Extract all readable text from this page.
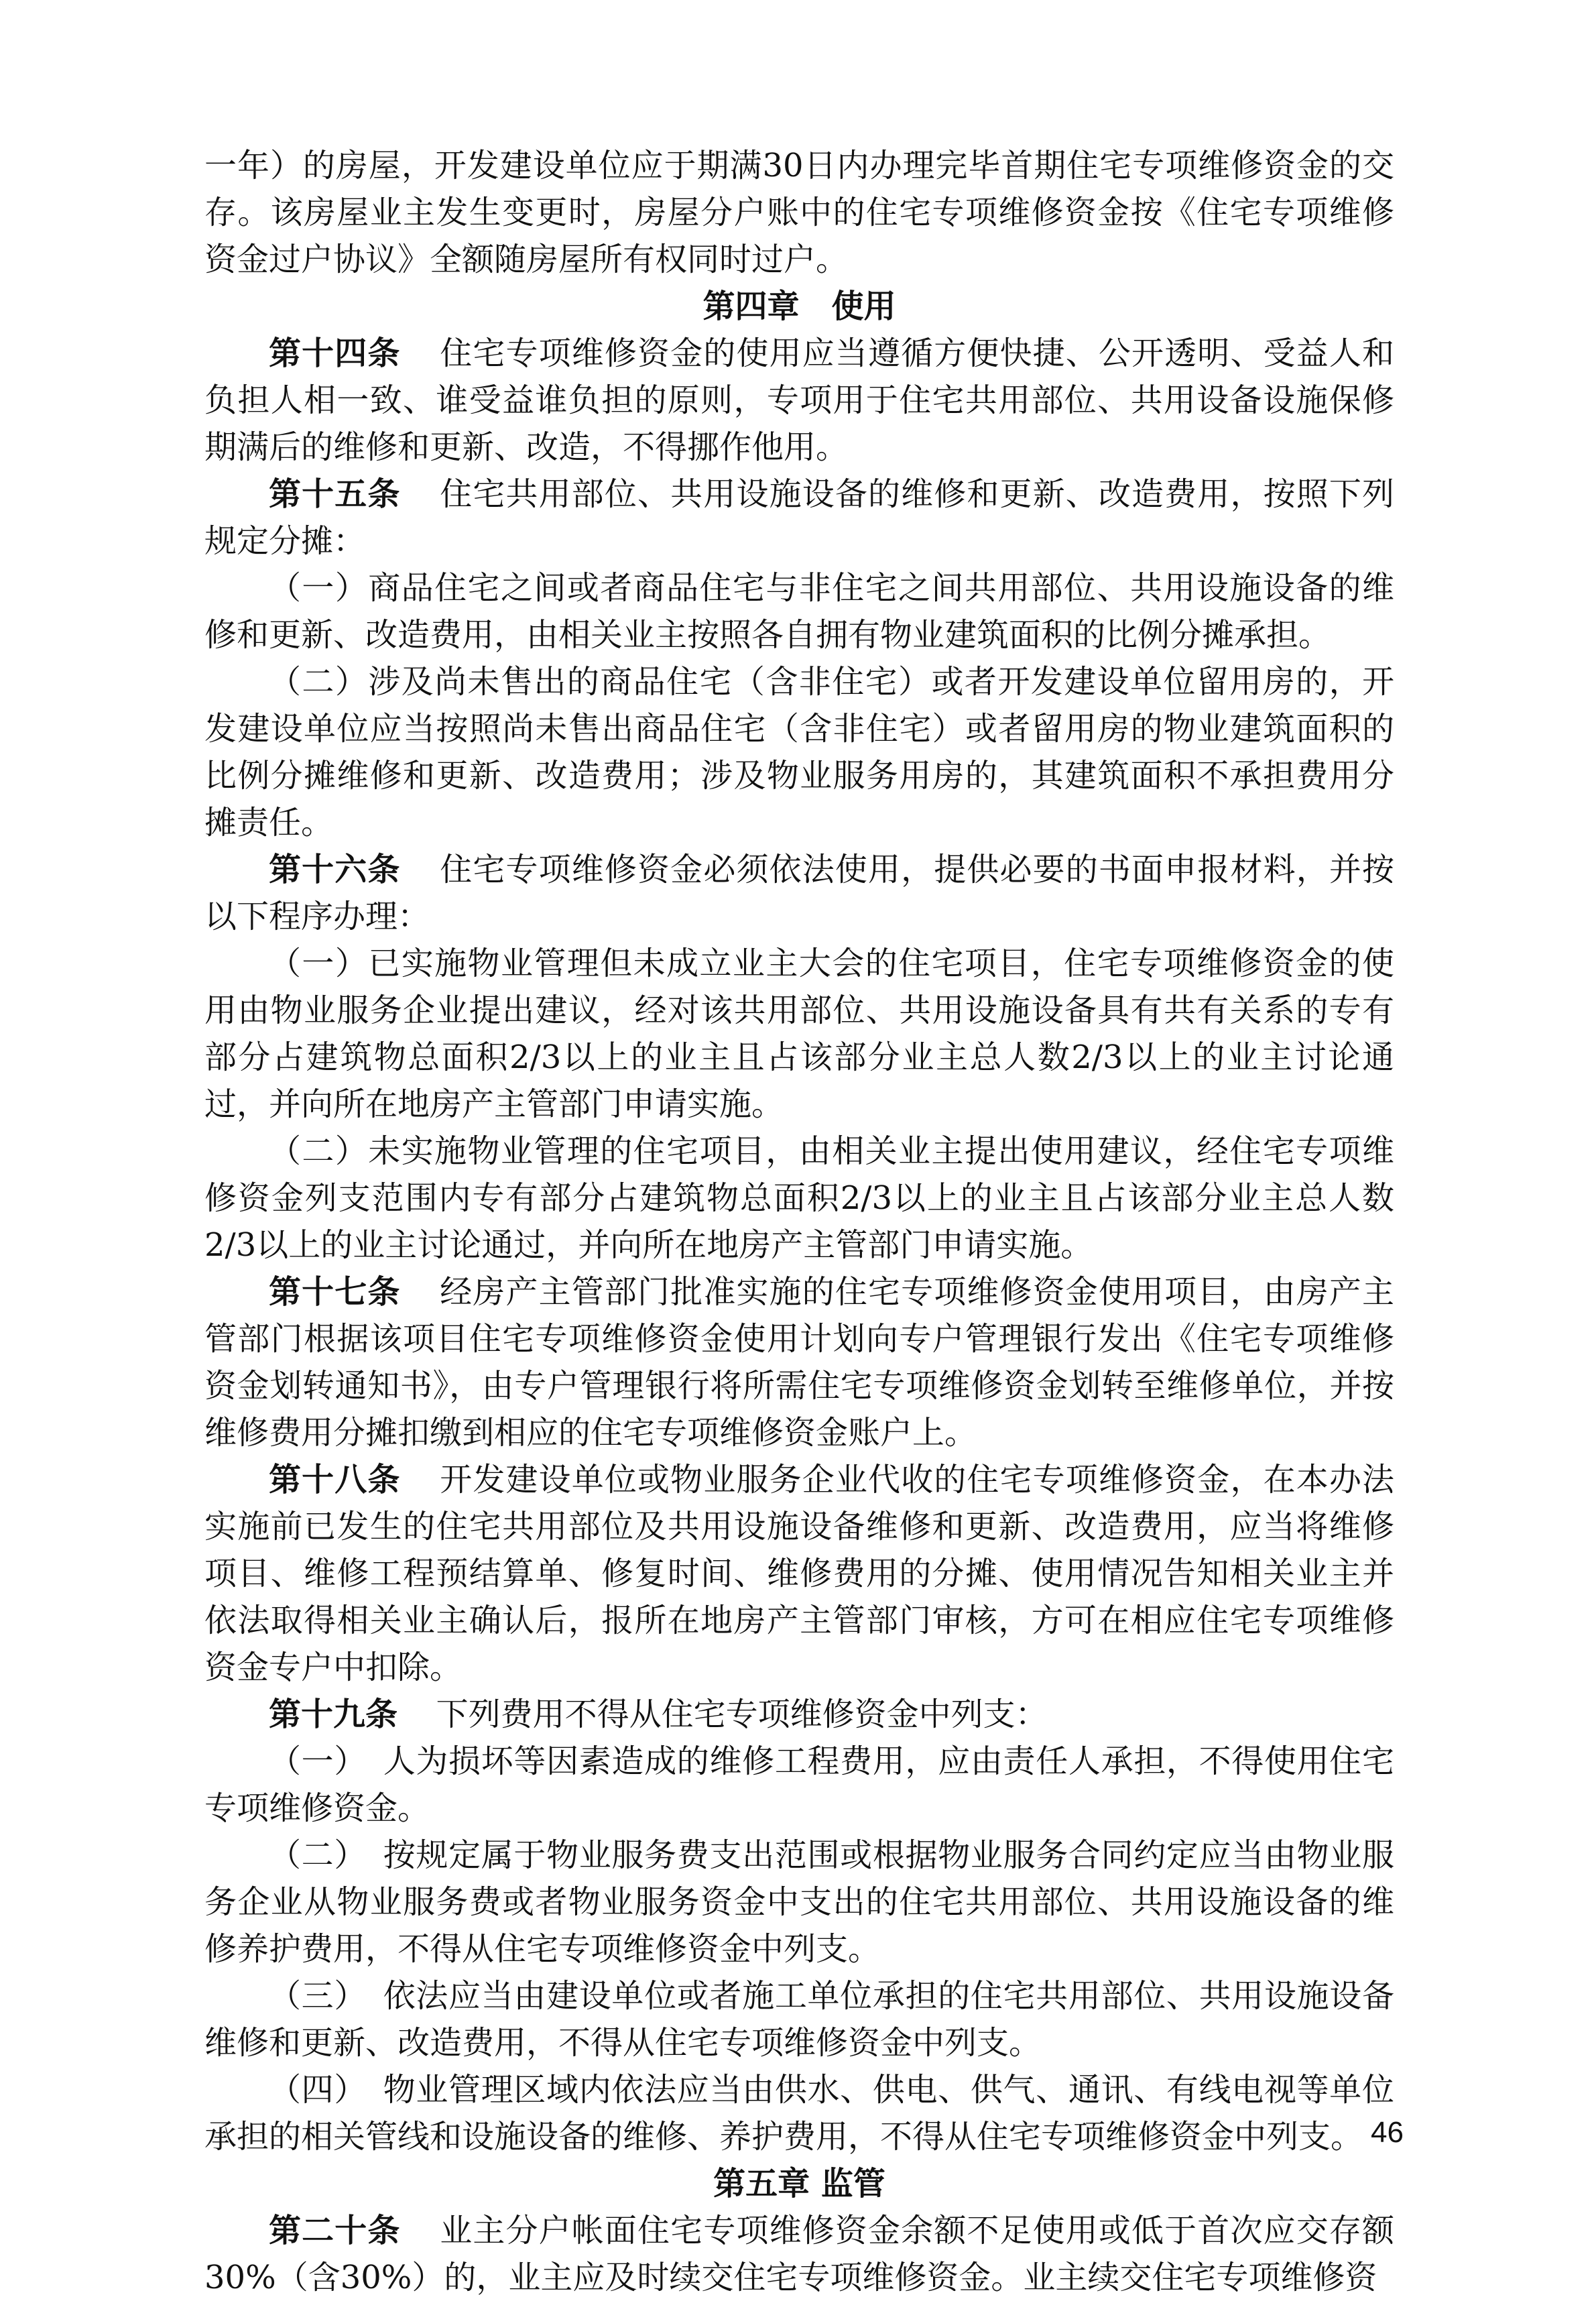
一年）的房屋，开发建设单位应于期满30日内办理完毕首期住宅专项维修资金的交存。该房屋业主发生变更时，房屋分户账中的住宅专项维修资金按《住宅专项维修资金过户协议》全额随房屋所有权同时过户。

第四章　使用

第十四条 住宅专项维修资金的使用应当遵循方便快捷、公开透明、受益人和负担人相一致、谁受益谁负担的原则，专项用于住宅共用部位、共用设备设施保修期满后的维修和更新、改造，不得挪作他用。

第十五条 住宅共用部位、共用设施设备的维修和更新、改造费用，按照下列规定分摊：

（一）商品住宅之间或者商品住宅与非住宅之间共用部位、共用设施设备的维修和更新、改造费用，由相关业主按照各自拥有物业建筑面积的比例分摊承担。

（二）涉及尚未售出的商品住宅（含非住宅）或者开发建设单位留用房的，开发建设单位应当按照尚未售出商品住宅（含非住宅）或者留用房的物业建筑面积的比例分摊维修和更新、改造费用；涉及物业服务用房的，其建筑面积不承担费用分摊责任。

第十六条 住宅专项维修资金必须依法使用，提供必要的书面申报材料，并按以下程序办理：

（一）已实施物业管理但未成立业主大会的住宅项目，住宅专项维修资金的使用由物业服务企业提出建议，经对该共用部位、共用设施设备具有共有关系的专有部分占建筑物总面积2/3以上的业主且占该部分业主总人数2/3以上的业主讨论通过，并向所在地房产主管部门申请实施。

（二）未实施物业管理的住宅项目，由相关业主提出使用建议，经住宅专项维修资金列支范围内专有部分占建筑物总面积2/3以上的业主且占该部分业主总人数2/3以上的业主讨论通过，并向所在地房产主管部门申请实施。

第十七条 经房产主管部门批准实施的住宅专项维修资金使用项目，由房产主管部门根据该项目住宅专项维修资金使用计划向专户管理银行发出《住宅专项维修资金划转通知书》，由专户管理银行将所需住宅专项维修资金划转至维修单位，并按维修费用分摊扣缴到相应的住宅专项维修资金账户上。

第十八条 开发建设单位或物业服务企业代收的住宅专项维修资金，在本办法实施前已发生的住宅共用部位及共用设施设备维修和更新、改造费用，应当将维修项目、维修工程预结算单、修复时间、维修费用的分摊、使用情况告知相关业主并依法取得相关业主确认后，报所在地房产主管部门审核，方可在相应住宅专项维修资金专户中扣除。

第十九条 下列费用不得从住宅专项维修资金中列支：

（一）　人为损坏等因素造成的维修工程费用，应由责任人承担，不得使用住宅专项维修资金。

（二）　按规定属于物业服务费支出范围或根据物业服务合同约定应当由物业服务企业从物业服务费或者物业服务资金中支出的住宅共用部位、共用设施设备的维修养护费用，不得从住宅专项维修资金中列支。

（三）　依法应当由建设单位或者施工单位承担的住宅共用部位、共用设施设备维修和更新、改造费用，不得从住宅专项维修资金中列支。

（四）　物业管理区域内依法应当由供水、供电、供气、通讯、有线电视等单位承担的相关管线和设施设备的维修、养护费用，不得从住宅专项维修资金中列支。

第五章 监管

第二十条 业主分户帐面住宅专项维修资金余额不足使用或低于首次应交存额30%（含30%）的，业主应及时续交住宅专项维修资金。业主续交住宅专项维修资

46
